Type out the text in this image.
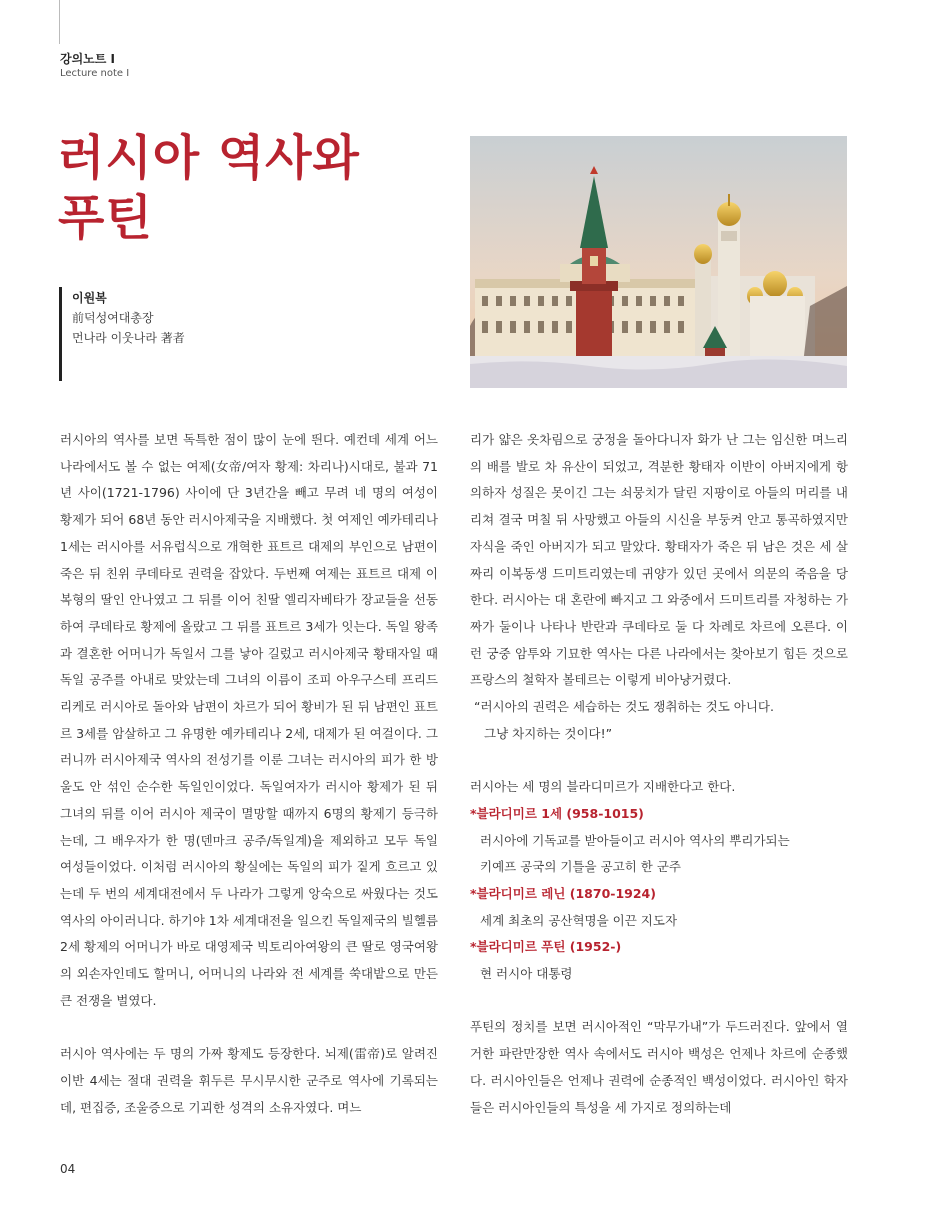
강의노트 I
Lecture note I
러시아 역사와
푸틴
이원복
前덕성여대총장
먼나라 이웃나라 著者

러시아의 역사를 보면 독특한 점이 많이 눈에 띈다. 예컨데 세계 어느 나라에서도 볼 수 없는 여제(女帝/여자 황제: 차리나)시대로, 불과 71년 사이(1721-1796) 사이에 단 3년간을 빼고 무려 네 명의 여성이 황제가 되어 68년 동안 러시아제국을 지배했다. 첫 여제인 예카테리나 1세는 러시아를 서유럽식으로 개혁한 표트르 대제의 부인으로 남편이 죽은 뒤 친위 쿠데타로 권력을 잡았다. 두번째 여제는 표트르 대제 이복형의 딸인 안나였고 그 뒤를 이어 친딸 엘리자베타가 장교들을 선동하여 쿠데타로 황제에 올랐고 그 뒤를 표트르 3세가 잇는다. 독일 왕족과 결혼한 어머니가 독일서 그를 낳아 길렀고 러시아제국 황태자일 때 독일 공주를 아내로 맞았는데 그녀의 이름이 조피 아우구스테 프리드리케로 러시아로 돌아와 남편이 차르가 되어 황비가 된 뒤 남편인 표트르 3세를 암살하고 그 유명한 예카테리나 2세, 대제가 된 여걸이다. 그러니까 러시아제국 역사의 전성기를 이룬 그녀는 러시아의 피가 한 방울도 안 섞인 순수한 독일인이었다. 독일여자가 러시아 황제가 된 뒤 그녀의 뒤를 이어 러시아 제국이 멸망할 때까지 6명의 황제기 등극하는데, 그 배우자가 한 명(덴마크 공주/독일계)을 제외하고 모두 독일 여성들이었다. 이처럼 러시아의 황실에는 독일의 피가 짙게 흐르고 있는데 두 번의 세계대전에서 두 나라가 그렇게 앙숙으로 싸웠다는 것도 역사의 아이러니다. 하기야 1차 세계대전을 일으킨 독일제국의 빌헬름 2세 황제의 어머니가 바로 대영제국 빅토리아여왕의 큰 딸로 영국여왕의 외손자인데도 할머니, 어머니의 나라와 전 세계를 쑥대밭으로 만든 큰 전쟁을 벌였다.

러시아 역사에는 두 명의 가짜 황제도 등장한다. 뇌제(雷帝)로 알려진 이반 4세는 절대 권력을 휘두른 무시무시한 군주로 역사에 기록되는데, 편집증, 조울증으로 기괴한 성격의 소유자였다. 며느

리가 얇은 옷차림으로 궁정을 돌아다니자 화가 난 그는 임신한 며느리의 배를 발로 차 유산이 되었고, 격분한 황태자 이반이 아버지에게 항의하자 성질은 못이긴 그는 쇠뭉치가 달린 지팡이로 아들의 머리를 내리쳐 결국 며칠 뒤 사망했고 아들의 시신을 부둥켜 안고 통곡하였지만 자식을 죽인 아버지가 되고 말았다. 황태자가 죽은 뒤 남은 것은 세 살짜리 이복동생 드미트리였는데 귀양가 있던 곳에서 의문의 죽음을 당한다. 러시아는 대 혼란에 빠지고 그 와중에서 드미트리를 자청하는 가짜가 둘이나 나타나 반란과 쿠데타로 둘 다 차례로 차르에 오른다. 이런 궁중 암투와 기묘한 역사는 다른 나라에서는 찾아보기 힘든 것으로 프랑스의 철학자 볼테르는 이렇게 비아냥거렸다.

“러시아의 권력은 세습하는 것도 쟁취하는 것도 아니다.

그냥 차지하는 것이다!”

러시아는 세 명의 블라디미르가 지배한다고 한다.

*블라디미르 1세 (958-1015)

러시아에 기독교를 받아들이고 러시아 역사의 뿌리가되는

키예프 공국의 기틀을 공고히 한 군주

*블라디미르 레닌 (1870-1924)

세계 최초의 공산혁명을 이끈 지도자

*블라디미르 푸틴 (1952-)

현 러시아 대통령

푸틴의 정치를 보면 러시아적인 “막무가내”가 두드러진다. 앞에서 열거한 파란만장한 역사 속에서도 러시아 백성은 언제나 차르에 순종했다. 러시아인들은 언제나 권력에 순종적인 백성이었다. 러시아인 학자들은 러시아인들의 특성을 세 가지로 정의하는데

04
